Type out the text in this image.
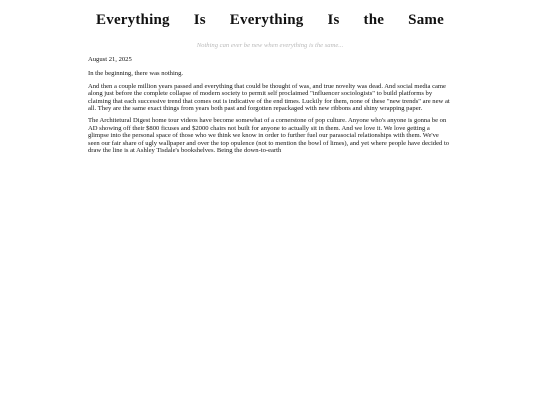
Everything Is Everything Is the Same
Nothing can ever be new when everything is the same...

August 21, 2025

In the beginning, there was nothing.

And then a couple million years passed and everything that could be thought of was, and true novelty was dead. And social media came along just before the complete collapse of modern society to permit self proclaimed "influencer sociologists" to build platforms by claiming that each successive trend that comes out is indicative of the end times. Luckily for them, none of these "new trends" are new at all. They are the same exact things from years both past and forgotten repackaged with new ribbons and shiny wrapping paper.

The Architetural Digest home tour videos have become somewhat of a cornerstone of pop culture. Anyone who's anyone is gonna be on AD showing off their $800 ficuses and $2000 chairs not built for anyone to actually sit in them. And we love it. We love getting a glimpse into the personal space of those who we think we know in order to further fuel our parasocial relationships with them. We've seen our fair share of ugly wallpaper and over the top opulence (not to mention the bowl of limes), and yet where people have decided to draw the line is at Ashley Tisdale's bookshelves. Being the down-to-earth
